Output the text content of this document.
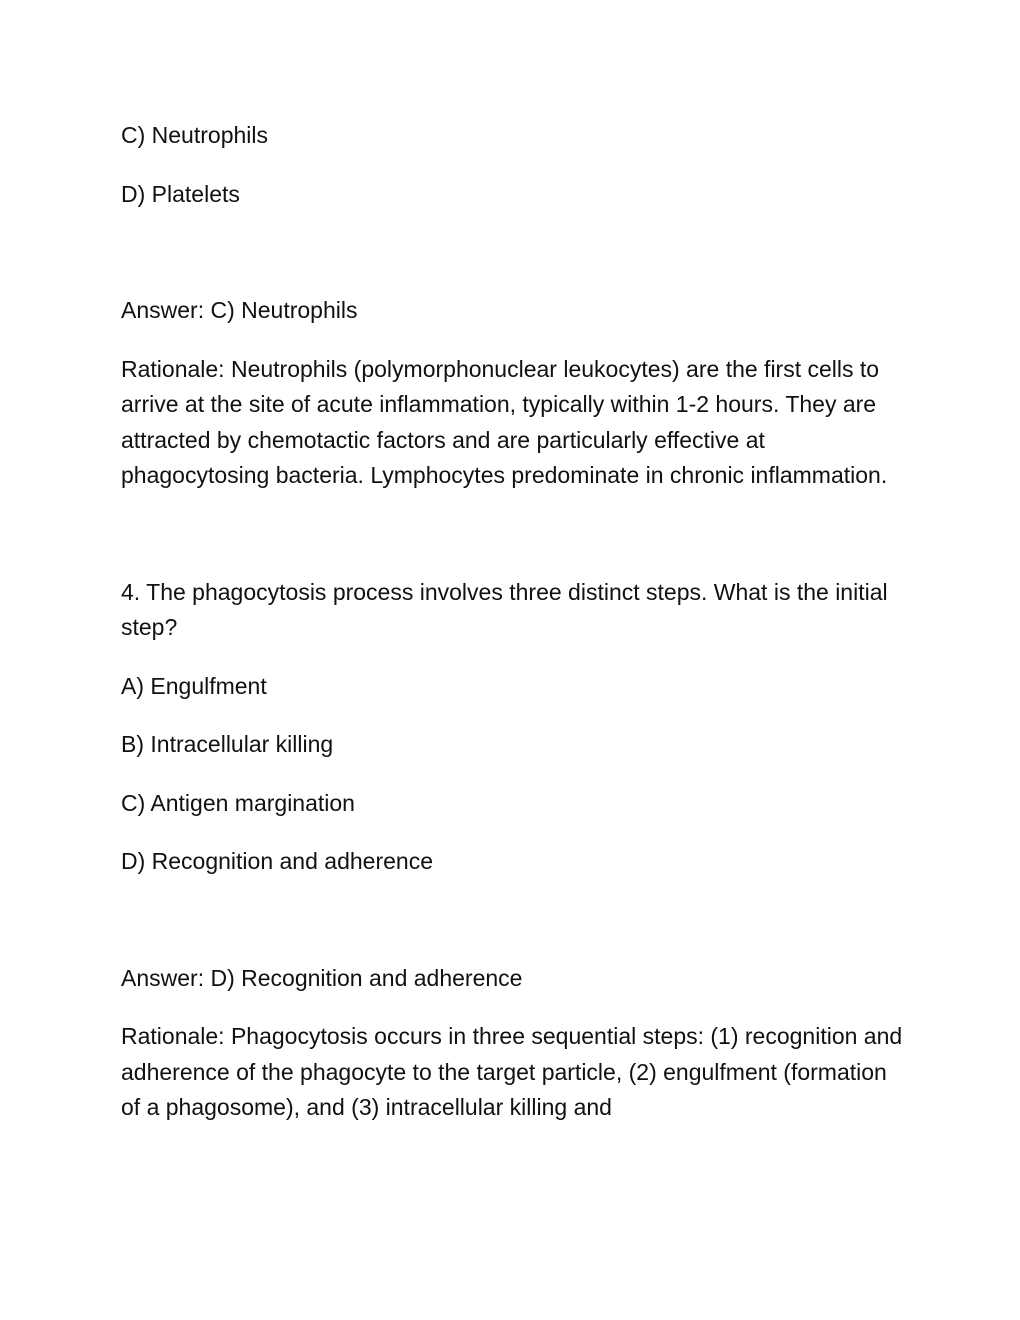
C) Neutrophils

D) Platelets

Answer: C) Neutrophils

Rationale: Neutrophils (polymorphonuclear leukocytes) are the first cells to arrive at the site of acute inflammation, typically within 1-2 hours. They are attracted by chemotactic factors and are particularly effective at phagocytosing bacteria. Lymphocytes predominate in chronic inflammation.

4. The phagocytosis process involves three distinct steps. What is the initial step?

A) Engulfment

B) Intracellular killing

C) Antigen margination

D) Recognition and adherence

Answer: D) Recognition and adherence

Rationale: Phagocytosis occurs in three sequential steps: (1) recognition and adherence of the phagocyte to the target particle, (2) engulfment (formation of a phagosome), and (3) intracellular killing and
